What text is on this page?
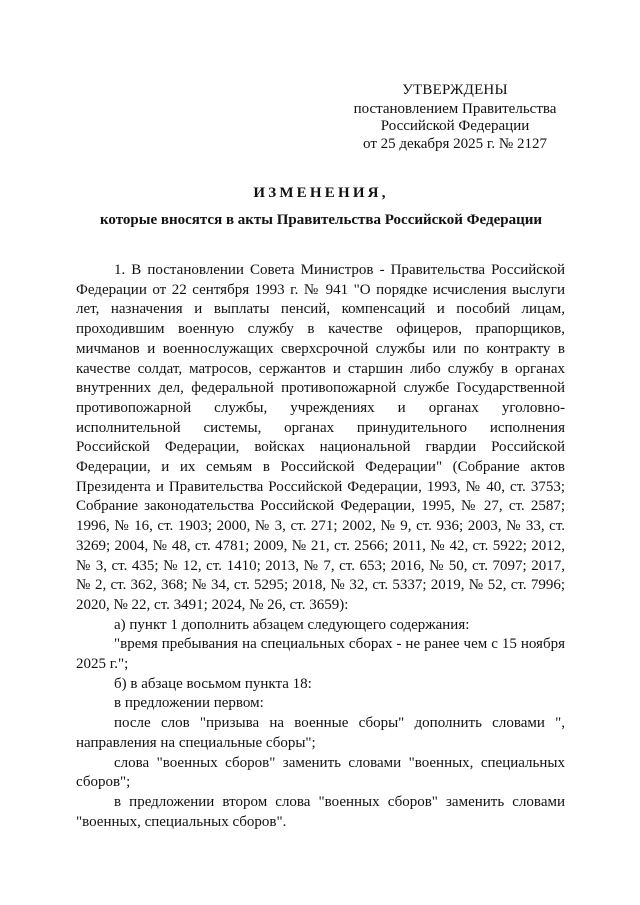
УТВЕРЖДЕНЫ
постановлением Правительства
Российской Федерации
от 25 декабря 2025 г. № 2127
ИЗМЕНЕНИЯ,
которые вносятся в акты Правительства Российской Федерации

1. В постановлении Совета Министров - Правительства Российской Федерации от 22 сентября 1993 г. № 941 "О порядке исчисления выслуги лет, назначения и выплаты пенсий, компенсаций и пособий лицам, проходившим военную службу в качестве офицеров, прапорщиков, мичманов и военнослужащих сверхсрочной службы или по контракту в качестве солдат, матросов, сержантов и старшин либо службу в органах внутренних дел, федеральной противопожарной службе Государственной противопожарной службы, учреждениях и органах уголовно-исполнительной системы, органах принудительного исполнения Российской Федерации, войсках национальной гвардии Российской Федерации, и их семьям в Российской Федерации" (Собрание актов Президента и Правительства Российской Федерации, 1993, № 40, ст. 3753; Собрание законодательства Российской Федерации, 1995, № 27, ст. 2587; 1996, № 16, ст. 1903; 2000, № 3, ст. 271; 2002, № 9, ст. 936; 2003, № 33, ст. 3269; 2004, № 48, ст. 4781; 2009, № 21, ст. 2566; 2011, № 42, ст. 5922; 2012, № 3, ст. 435; № 12, ст. 1410; 2013, № 7, ст. 653; 2016, № 50, ст. 7097; 2017, № 2, ст. 362, 368; № 34, ст. 5295; 2018, № 32, ст. 5337; 2019, № 52, ст. 7996; 2020, № 22, ст. 3491; 2024, № 26, ст. 3659):

а) пункт 1 дополнить абзацем следующего содержания:

"время пребывания на специальных сборах - не ранее чем с 15 ноября 2025 г.";

б) в абзаце восьмом пункта 18:

в предложении первом:

после слов "призыва на военные сборы" дополнить словами ", направления на специальные сборы";

слова "военных сборов" заменить словами "военных, специальных сборов";

в предложении втором слова "военных сборов" заменить словами "военных, специальных сборов".
